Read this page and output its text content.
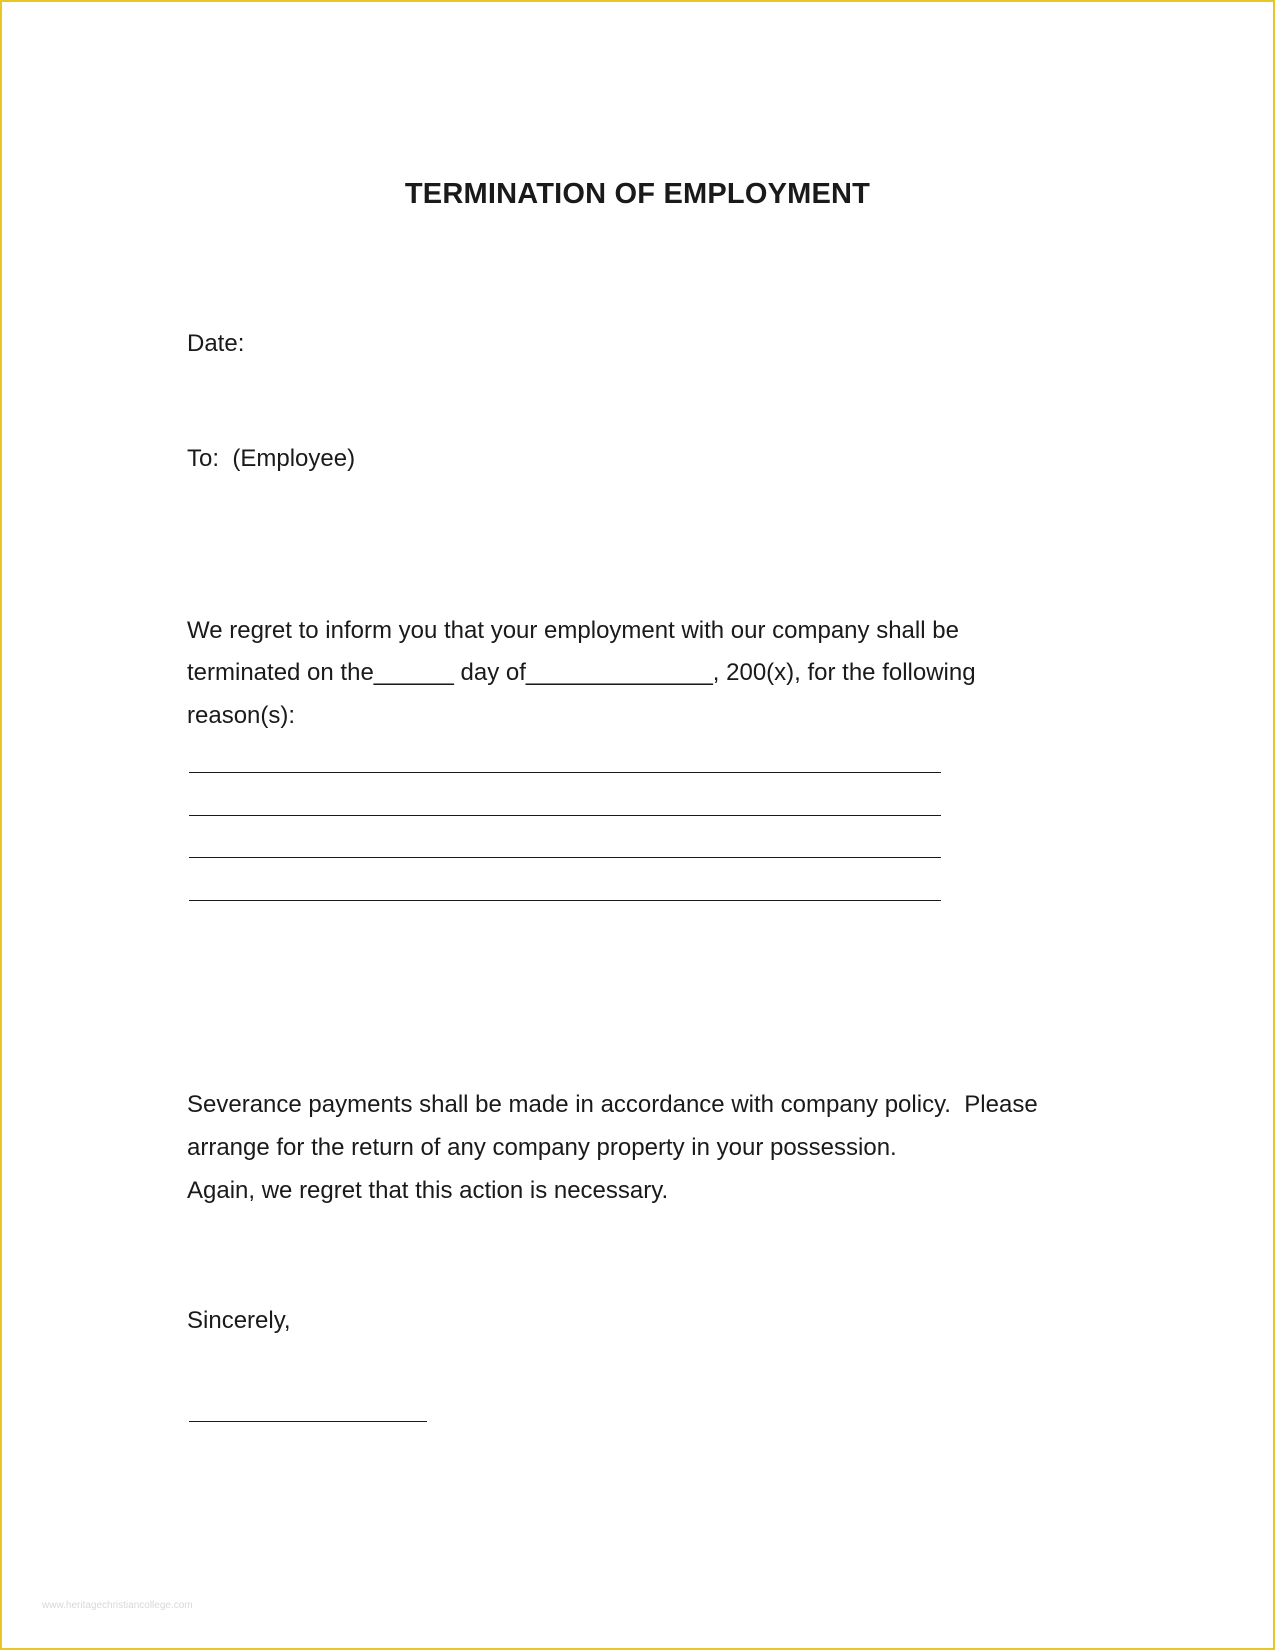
TERMINATION OF EMPLOYMENT
Date:
To:  (Employee)
We regret to inform you that your employment with our company shall be
terminated on the______ day of______________, 200(x), for the following
reason(s):
Severance payments shall be made in accordance with company policy.  Please
arrange for the return of any company property in your possession.
Again, we regret that this action is necessary.
Sincerely,
www.heritagechristiancollege.com
